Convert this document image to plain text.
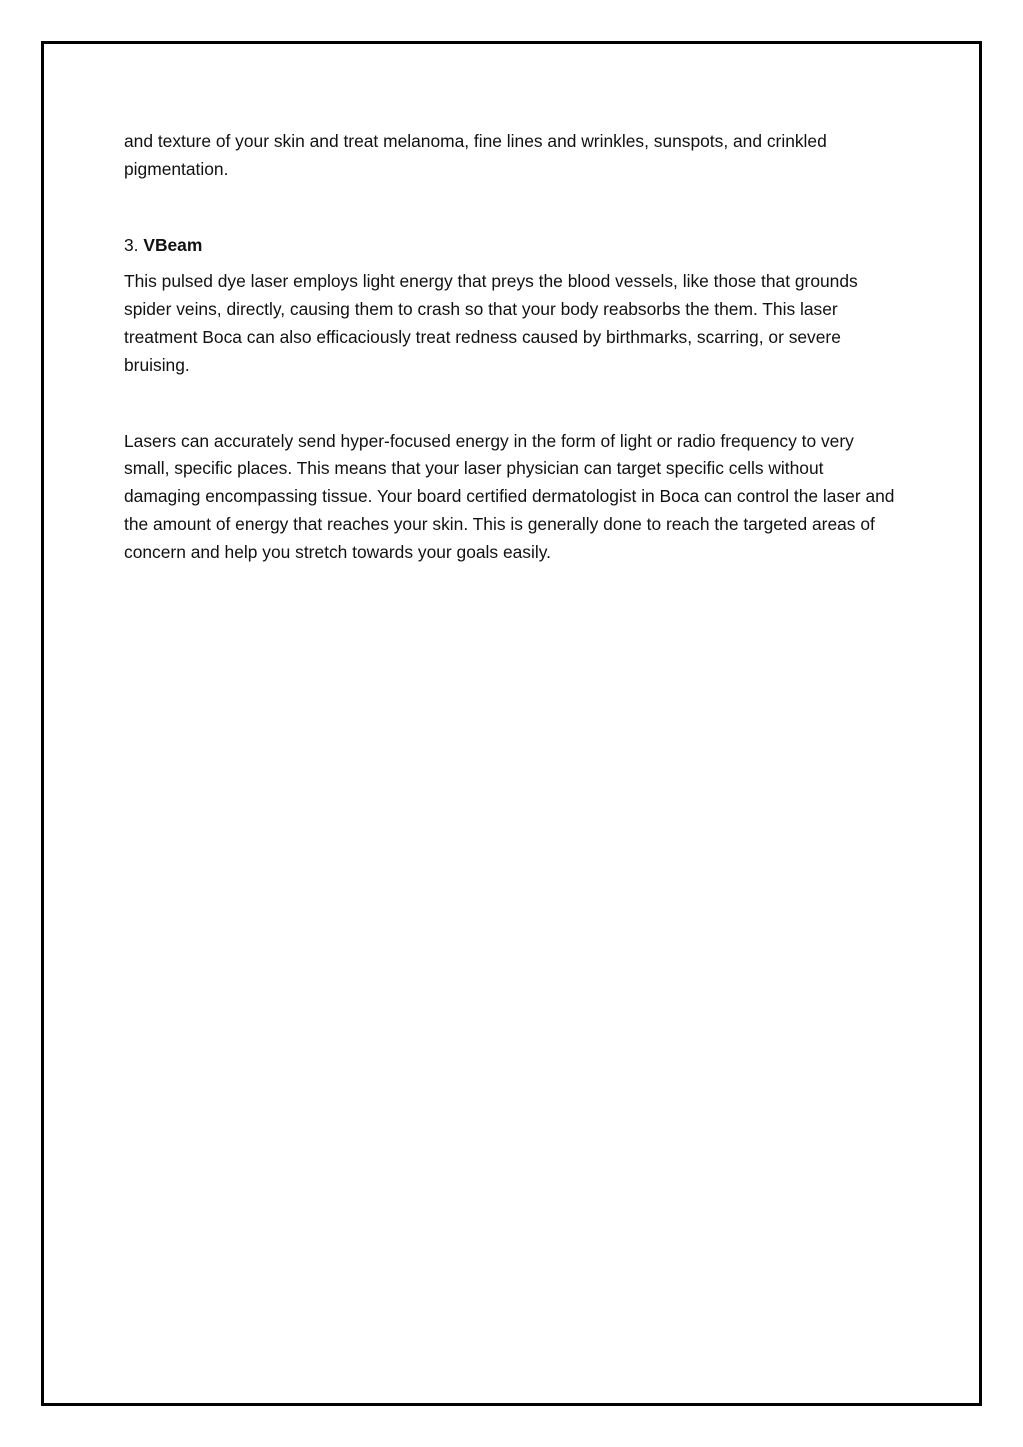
and texture of your skin and treat melanoma, fine lines and wrinkles, sunspots, and crinkled pigmentation.

3. VBeam

This pulsed dye laser employs light energy that preys the blood vessels, like those that grounds spider veins, directly, causing them to crash so that your body reabsorbs the them. This laser treatment Boca can also efficaciously treat redness caused by birthmarks, scarring, or severe bruising.

Lasers can accurately send hyper-focused energy in the form of light or radio frequency to very small, specific places. This means that your laser physician can target specific cells without damaging encompassing tissue. Your board certified dermatologist in Boca can control the laser and the amount of energy that reaches your skin. This is generally done to reach the targeted areas of concern and help you stretch towards your goals easily.
